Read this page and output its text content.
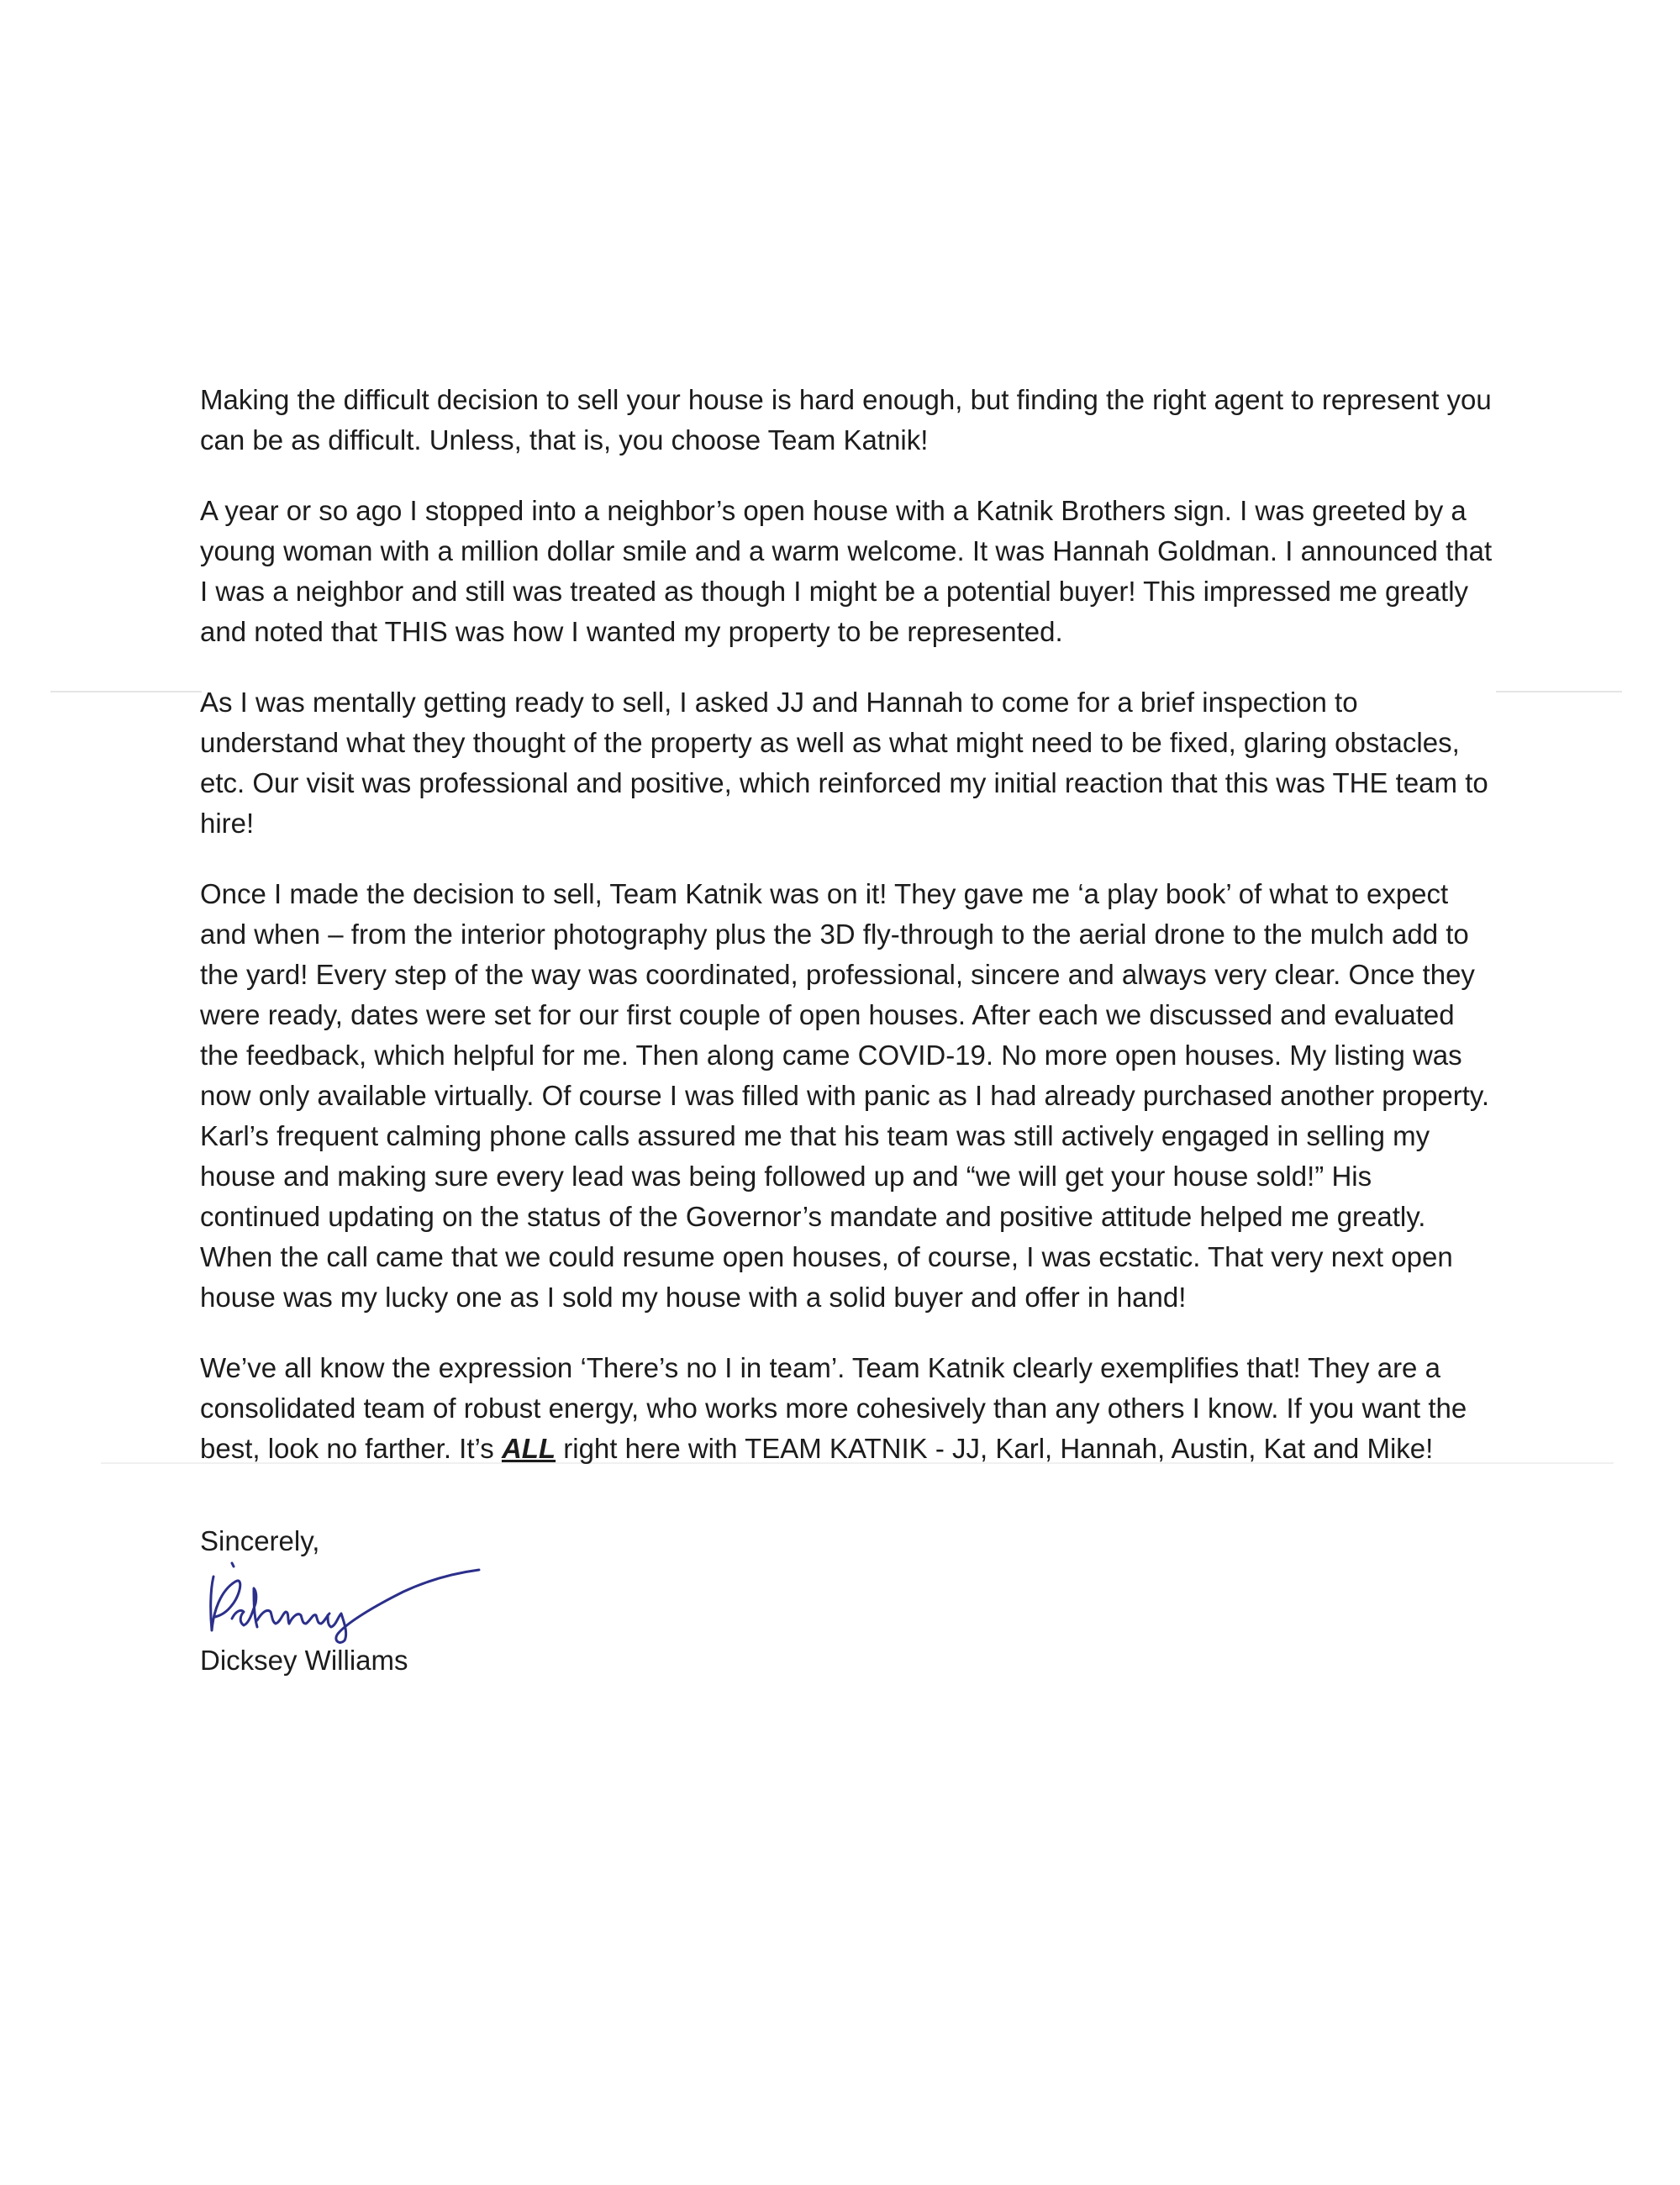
Making the difficult decision to sell your house is hard enough, but finding the right agent to represent you can be as difficult. Unless, that is, you choose Team Katnik!

A year or so ago I stopped into a neighbor’s open house with a Katnik Brothers sign. I was greeted by a young woman with a million dollar smile and a warm welcome. It was Hannah Goldman. I announced that I was a neighbor and still was treated as though I might be a potential buyer! This impressed me greatly and noted that THIS was how I wanted my property to be represented.

As I was mentally getting ready to sell, I asked JJ and Hannah to come for a brief inspection to understand what they thought of the property as well as what might need to be fixed, glaring obstacles, etc. Our visit was professional and positive, which reinforced my initial reaction that this was THE team to hire!

Once I made the decision to sell, Team Katnik was on it! They gave me ‘a play book’ of what to expect and when – from the interior photography plus the 3D fly-through to the aerial drone to the mulch add to the yard! Every step of the way was coordinated, professional, sincere and always very clear. Once they were ready, dates were set for our first couple of open houses. After each we discussed and evaluated the feedback, which helpful for me. Then along came COVID-19. No more open houses. My listing was now only available virtually. Of course I was filled with panic as I had already purchased another property. Karl’s frequent calming phone calls assured me that his team was still actively engaged in selling my house and making sure every lead was being followed up and “we will get your house sold!” His continued updating on the status of the Governor’s mandate and positive attitude helped me greatly. When the call came that we could resume open houses, of course, I was ecstatic. That very next open house was my lucky one as I sold my house with a solid buyer and offer in hand!

We’ve all know the expression ‘There’s no I in team’. Team Katnik clearly exemplifies that! They are a consolidated team of robust energy, who works more cohesively than any others I know. If you want the best, look no farther. It’s ALL right here with TEAM KATNIK - JJ, Karl, Hannah, Austin, Kat and Mike!

Sincerely,
Dicksey Williams
